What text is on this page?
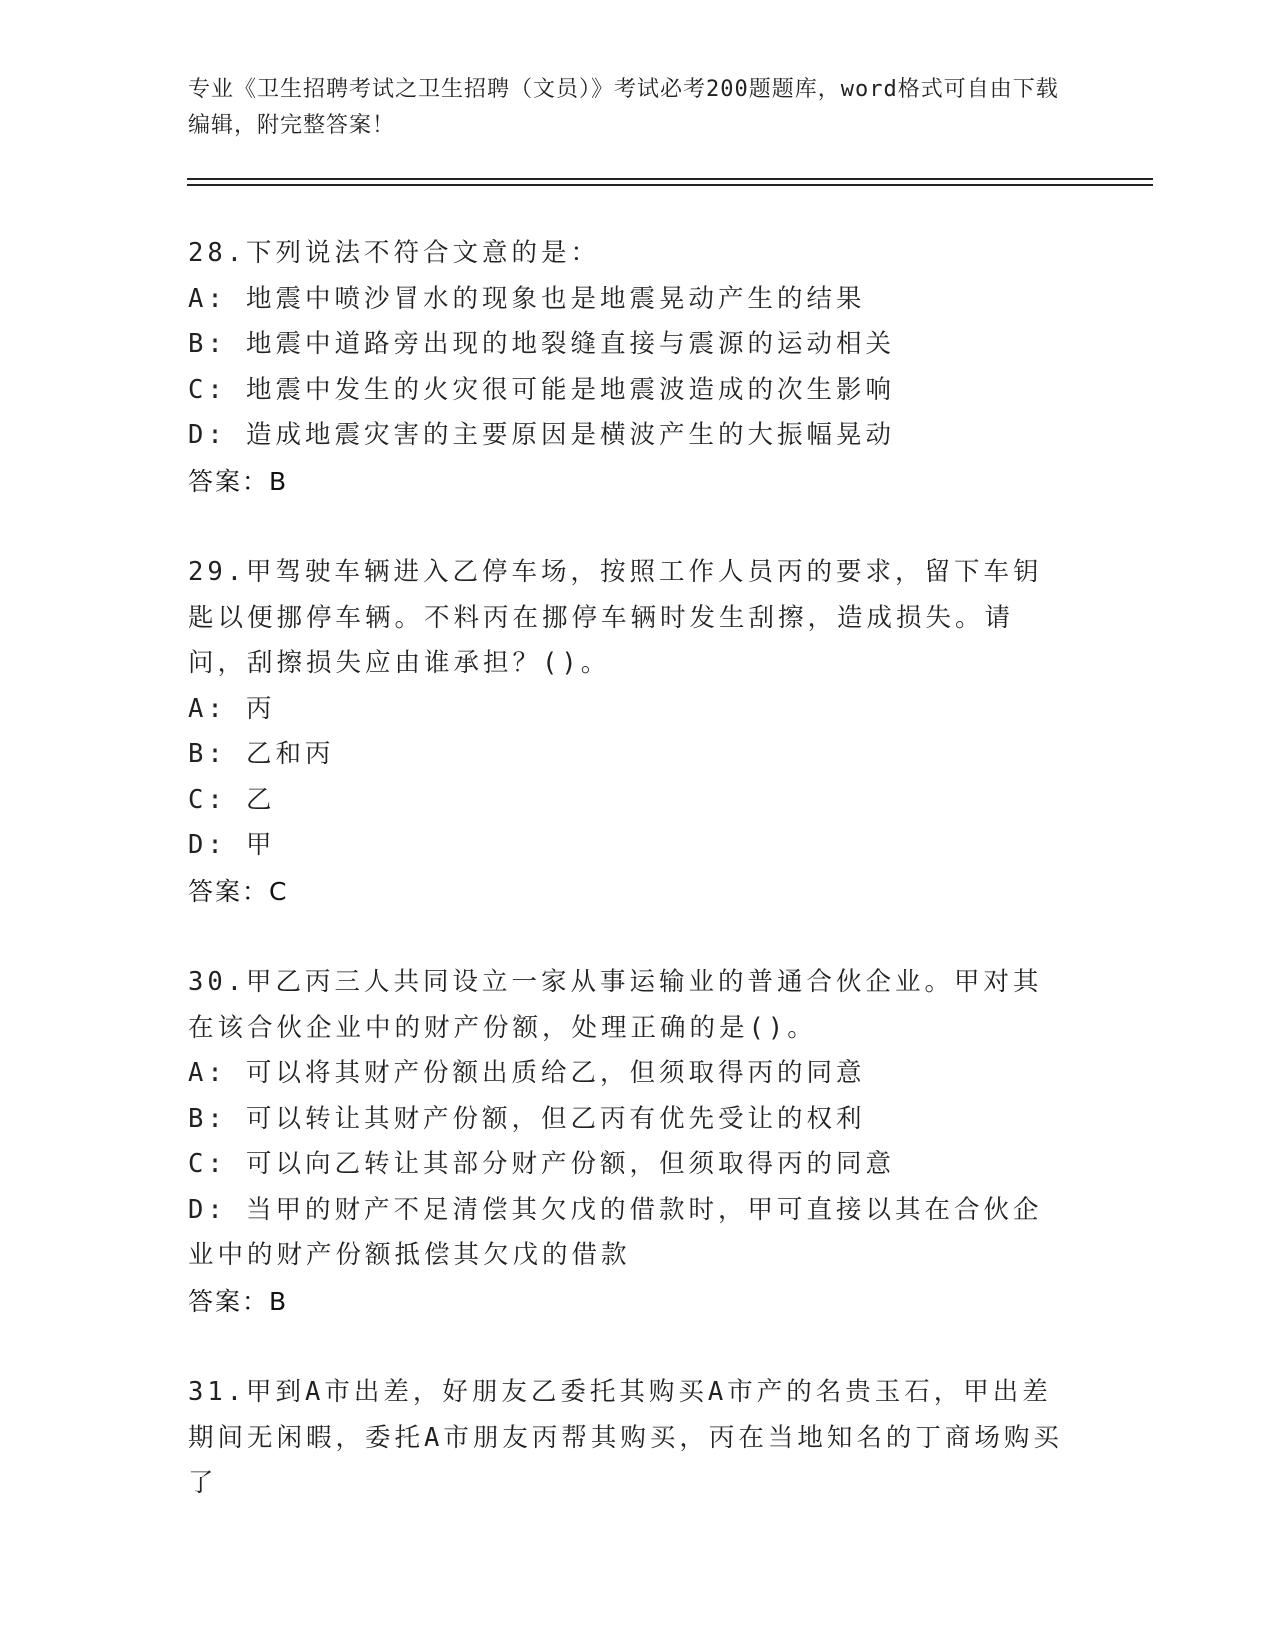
专业《卫生招聘考试之卫生招聘（文员）》考试必考200题题库，word格式可自由下载编辑，附完整答案！
28.下列说法不符合文意的是：
A: 地震中喷沙冒水的现象也是地震晃动产生的结果
B: 地震中道路旁出现的地裂缝直接与震源的运动相关
C: 地震中发生的火灾很可能是地震波造成的次生影响
D: 造成地震灾害的主要原因是横波产生的大振幅晃动
答案：B
29.甲驾驶车辆进入乙停车场，按照工作人员丙的要求，留下车钥匙以便挪停车辆。不料丙在挪停车辆时发生刮擦，造成损失。请问，刮擦损失应由谁承担？()。
A: 丙
B: 乙和丙
C: 乙
D: 甲
答案：C
30.甲乙丙三人共同设立一家从事运输业的普通合伙企业。甲对其在该合伙企业中的财产份额，处理正确的是()。
A: 可以将其财产份额出质给乙，但须取得丙的同意
B: 可以转让其财产份额，但乙丙有优先受让的权利
C: 可以向乙转让其部分财产份额，但须取得丙的同意
D: 当甲的财产不足清偿其欠戊的借款时，甲可直接以其在合伙企业中的财产份额抵偿其欠戊的借款
答案：B
31.甲到A市出差，好朋友乙委托其购买A市产的名贵玉石，甲出差期间无闲暇，委托A市朋友丙帮其购买，丙在当地知名的丁商场购买了
